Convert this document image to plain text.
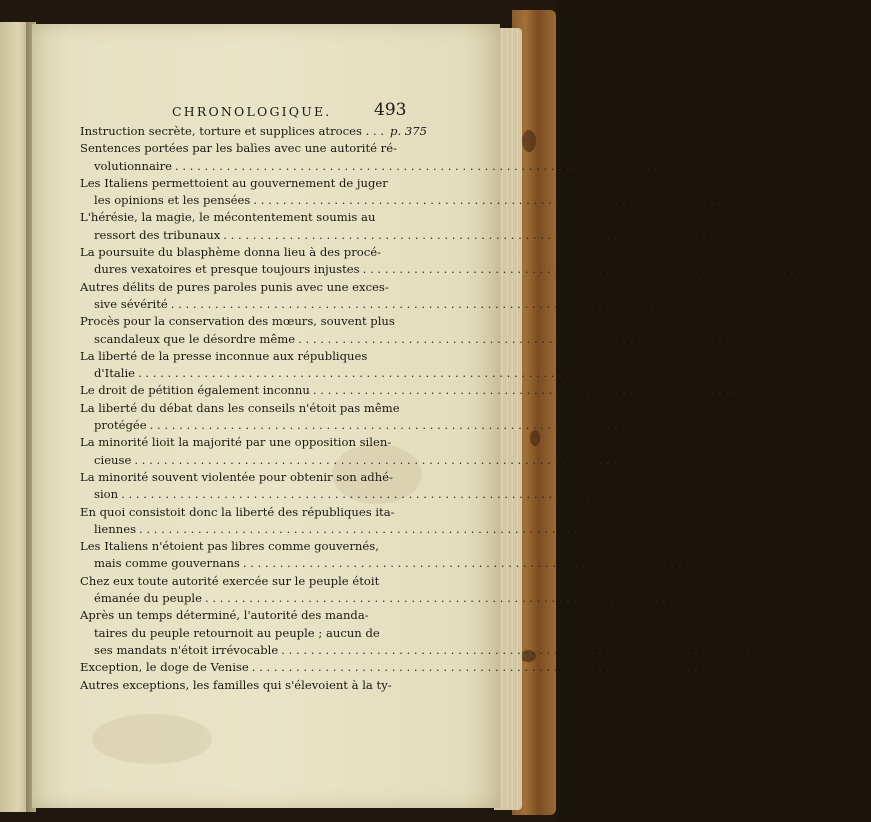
CHRONOLOGIQUE.	493
Instruction secrète, torture et supplices atroces . . . p. 375
Sentences portées par les balìes avec une autorité ré-
volutionnaire . . .	376
Les Italiens permettoient au gouvernement de juger
les opinions et les pensées . . .	ibid.
L'hérésie, la magie, le mécontentement soumis au
ressort des tribunaux . . .	377
La poursuite du blasphème donna lieu à des procé-
dures vexatoires et presque toujours injustes . . .	378
Autres délits de pures paroles punis avec une exces-
sive sévérité . . .	379
Procès pour la conservation des mœurs, souvent plus
scandaleux que le désordre même . . .	380
La liberté de la presse inconnue aux républiques
d'Italie . . .	ibid.
Le droit de pétition également inconnu . . .	381
La liberté du débat dans les conseils n'étoit pas même
protégée . . .	382
La minorité lioit la majorité par une opposition silen-
cieuse . . .	383
La minorité souvent violentée pour obtenir son adhé-
sion . . .	384
En quoi consistoit donc la liberté des républiques ita-
liennes . . .	385
Les Italiens n'étoient pas libres comme gouvernés,
mais comme gouvernans . . .	386
Chez eux toute autorité exercée sur le peuple étoit
émanée du peuple . . .	387
Après un temps déterminé, l'autorité des manda-
taires du peuple retournoit au peuple ; aucun de
ses mandats n'étoit irrévocable . . .	388
Exception, le doge de Venise . . .	389
Autres exceptions, les familles qui s'élevoient à la ty-
